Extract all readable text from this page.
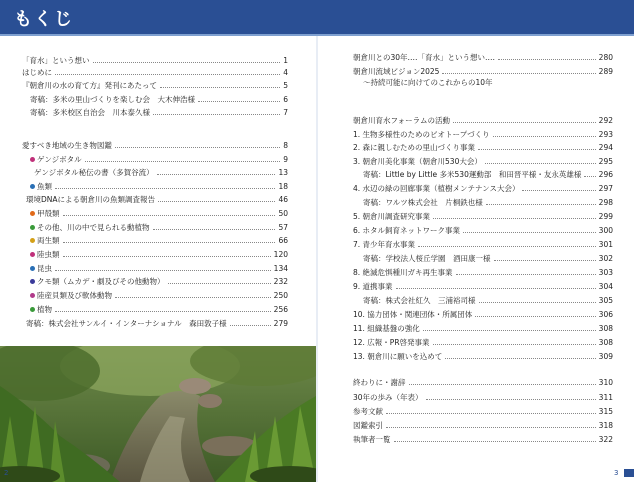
もくじ
「育水」という想い	1
はじめに	4
『朝倉川の水の育て方』発刊にあたって	5
寄稿：多米の里山づくりを楽しむ会　大木伸浩様	6
寄稿：多米校区自治会　川本泰久様	7
愛すべき地域の生き物図鑑	8
ゲンジボタル	9
ゲンジボタル秘伝の書（多賀谷流）	13
魚類	18
環境DNAによる朝倉川の魚類調査報告	46
甲殻類	50
その他、川の中で見られる動植物	57
両生類	66
陸虫類	120
昆虫	134
クモ類（ムカデ・劇及びその他動物）	232
陸産貝類及び軟体動物	250
植物	256
寄稿：株式会社サンルイ・インターナショナル　森田敦子様	279
朝倉川との30年‥‥「育水」という想い‥‥	280
朝倉川流域ビジョン2025	289
〜持続可能に向けてのこれからの10年
朝倉川育水フォーラムの活動	292
1. 生物多様性のためのビオトープづくり	293
2. 森に親しむための里山づくり事業	294
3. 朝倉川美化事業（朝倉川530大会）	295
寄稿：Little by Little 多米530運動部　和田晋平様・友永英雄様 296
4. 水辺の緑の回廊事業（植樹メンテナンス大会）	297
寄稿：ワルツ株式会社　片桐鉄也様	298
5. 朝倉川調査研究事業	299
6. ホタル飼育ネットワーク事業	300
7. 青少年育水事業	301
寄稿：学校法人桜丘学園　酒田康一様	302
8. 絶滅危惧種川ガキ再生事業	303
9. 道携事業	304
寄稿：株式会社紅久　三浦裕司様	305
10. 協力団体・関連団体・所属団体	306
11. 組織基盤の強化	308
12. 広報・PR啓発事業	308
13. 朝倉川に願いを込めて	309
終わりに・謝辞	310
30年の歩み（年表）	311
参考文献	315
図鑑索引	318
執筆者一覧	322
2	3
